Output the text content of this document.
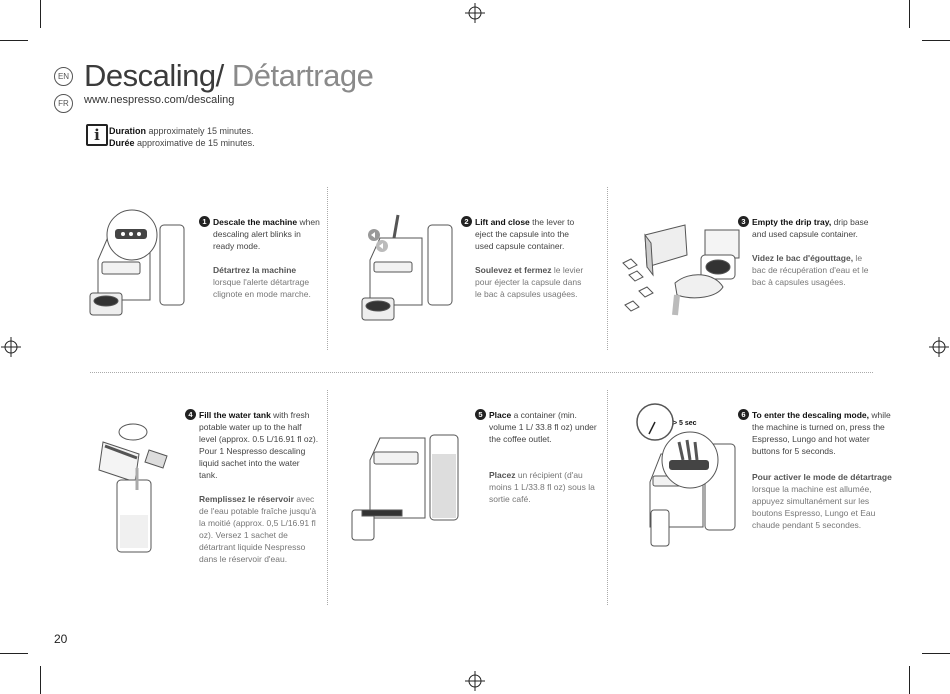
EN
FR
Descaling/ Détartrage
www.nespresso.com/descaling
i	Duration approximately 15 minutes.
Durée approximative de 15 minutes.
1 Descale the machine when descaling alert blinks in ready mode.
Détartrez la machine lorsque l'alerte détartrage clignote en mode marche.
2 Lift and close the lever to eject the capsule into the used capsule container.
Soulevez et fermez le levier pour éjecter la capsule dans le bac à capsules usagées.
3 Empty the drip tray, drip base and used capsule container.
Videz le bac d'égouttage, le bac de récupération d'eau et le bac à capsules usagées.
4 Fill the water tank with fresh potable water up to the half level (approx. 0.5 L/16.91 fl oz). Pour 1 Nespresso descaling liquid sachet into the water tank.
Remplissez le réservoir avec de l'eau potable fraîche jusqu'à la moitié (approx. 0,5 L/16.91 fl oz). Versez 1 sachet de détartrant liquide Nespresso dans le réservoir d'eau.
5 Place a container (min. volume 1 L/ 33.8 fl oz) under the coffee outlet.
Placez un récipient (d'au moins 1 L/33.8 fl oz) sous la sortie café.
> 5 sec
6 To enter the descaling mode, while the machine is turned on, press the Espresso, Lungo and hot water buttons for 5 seconds.
Pour activer le mode de détartrage lorsque la machine est allumée, appuyez simultanément sur les boutons Espresso, Lungo et Eau chaude pendant 5 secondes.
20
